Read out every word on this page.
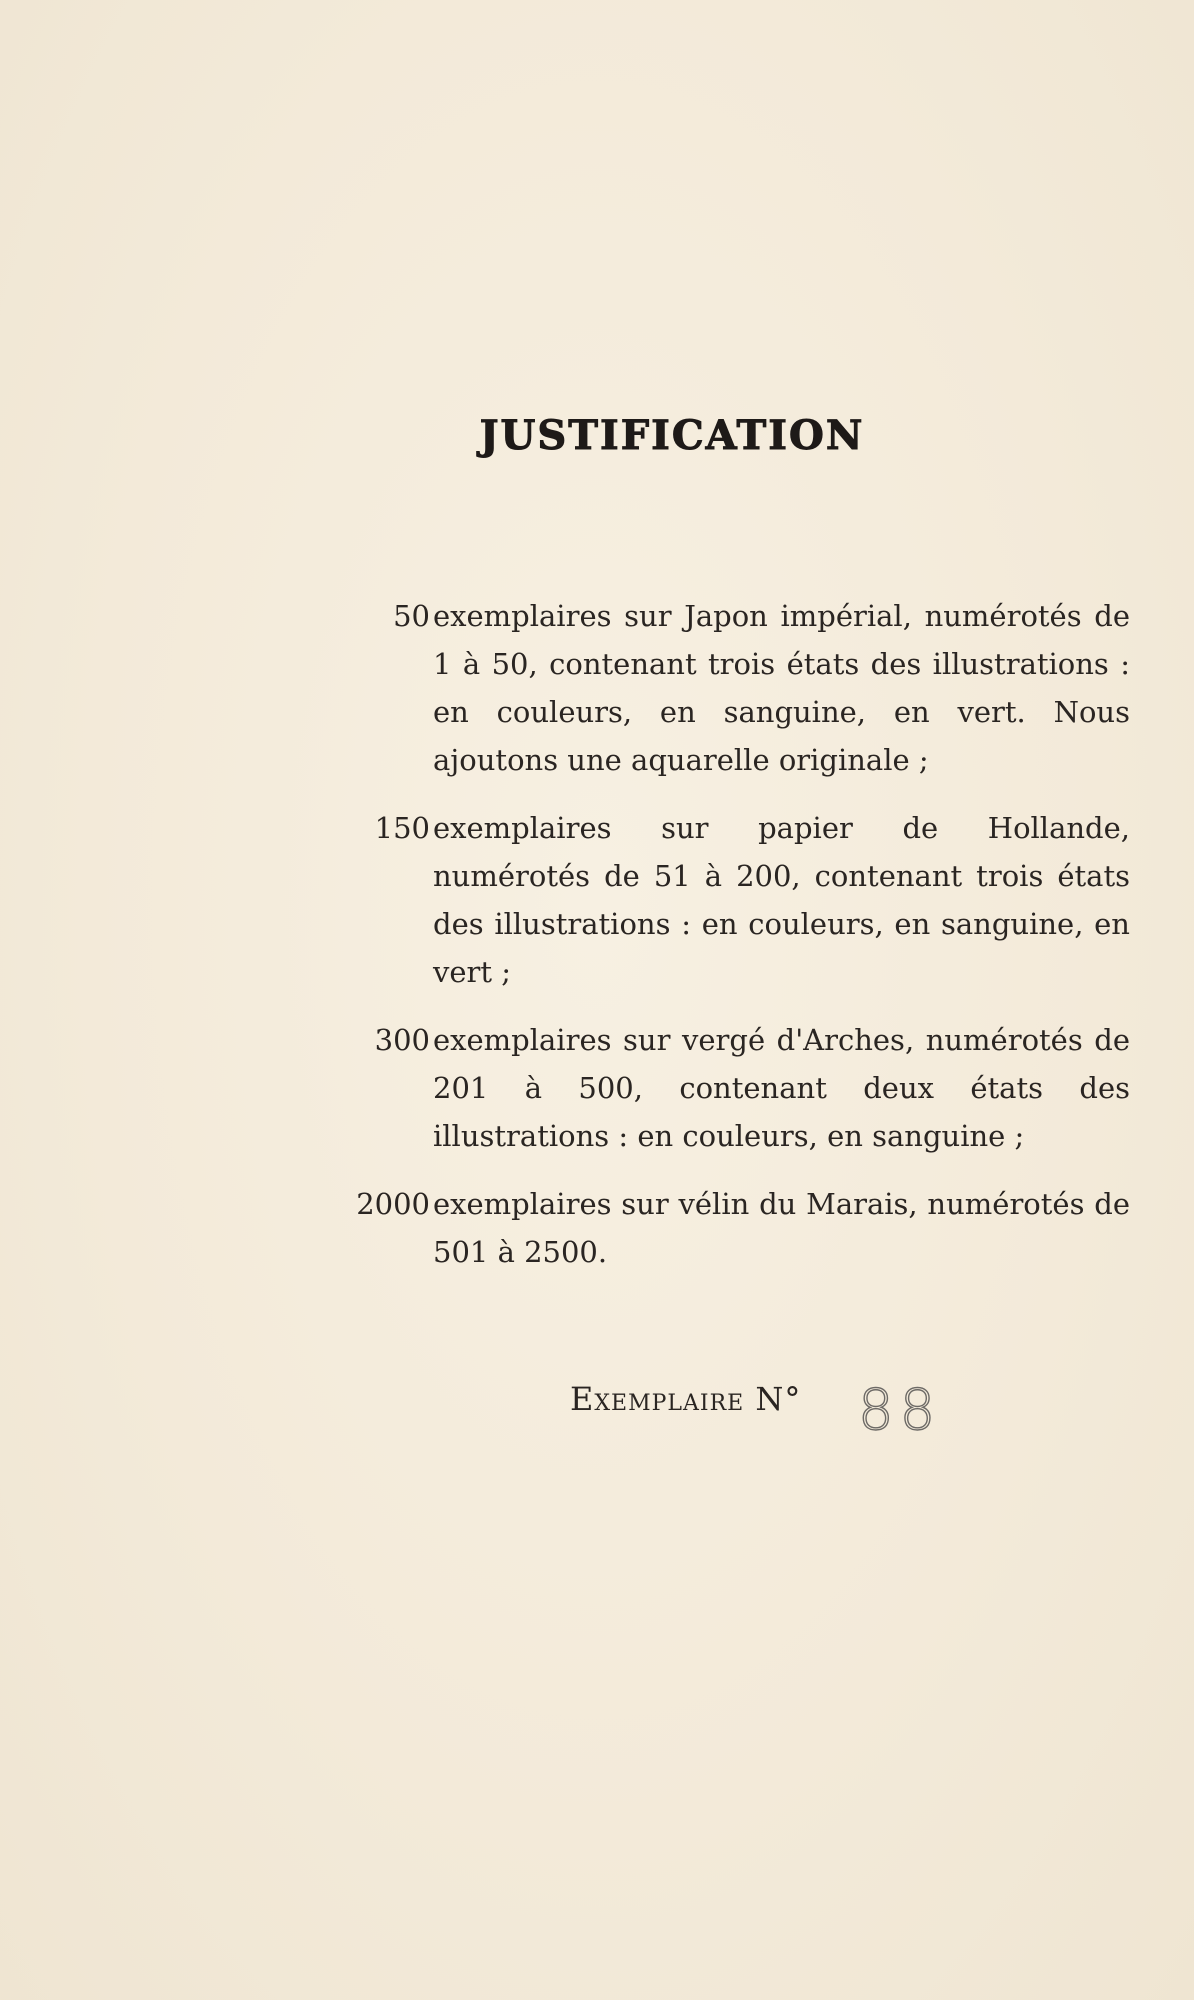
JUSTIFICATION
50 exemplaires sur Japon impérial, numérotés de 1 à 50, contenant trois états des illustrations : en couleurs, en sanguine, en vert. Nous ajoutons une aquarelle originale ;
150 exemplaires sur papier de Hollande, numérotés de 51 à 200, contenant trois états des illustrations : en couleurs, en sanguine, en vert ;
300 exemplaires sur vergé d'Arches, numérotés de 201 à 500, contenant deux états des illustrations : en couleurs, en sanguine ;
2000 exemplaires sur vélin du Marais, numérotés de 501 à 2500.
Exemplaire N° 88
